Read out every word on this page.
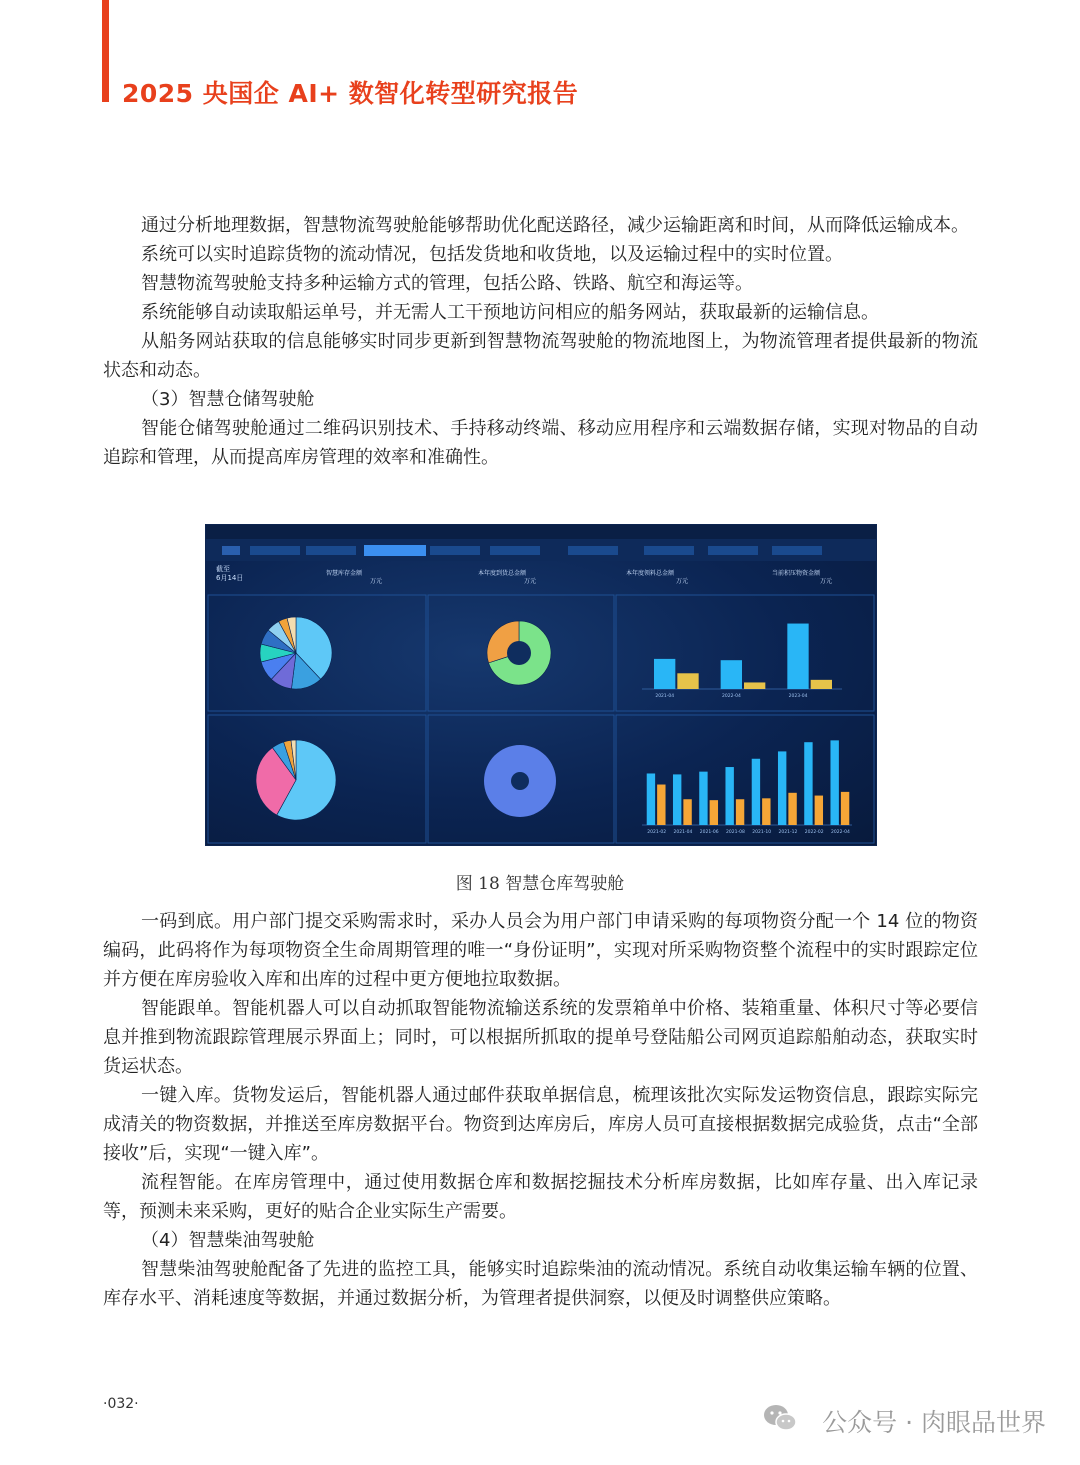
2025 央国企 AI+ 数智化转型研究报告

通过分析地理数据，智慧物流驾驶舱能够帮助优化配送路径，减少运输距离和时间，从而降低运输成本。

系统可以实时追踪货物的流动情况，包括发货地和收货地，以及运输过程中的实时位置。

智慧物流驾驶舱支持多种运输方式的管理，包括公路、铁路、航空和海运等。

系统能够自动读取船运单号，并无需人工干预地访问相应的船务网站，获取最新的运输信息。

从船务网站获取的信息能够实时同步更新到智慧物流驾驶舱的物流地图上，为物流管理者提供最新的物流状态和动态。

（3）智慧仓储驾驶舱

智能仓储驾驶舱通过二维码识别技术、手持移动终端、移动应用程序和云端数据存储，实现对物品的自动追踪和管理，从而提高库房管理的效率和准确性。

截至
6月14日
智慧库存金额
万元
本年度到货总金额
万元
本年度领料总金额
万元
当前积压物资金额
万元
2021-04	2022-04	2023-04
2021-02 2021-04 2021-06 2021-08 2021-10 2021-12 2022-02 2022-04
图 18 智慧仓库驾驶舱

一码到底。用户部门提交采购需求时，采办人员会为用户部门申请采购的每项物资分配一个 14 位的物资编码，此码将作为每项物资全生命周期管理的唯一“身份证明”，实现对所采购物资整个流程中的实时跟踪定位并方便在库房验收入库和出库的过程中更方便地拉取数据。

智能跟单。智能机器人可以自动抓取智能物流输送系统的发票箱单中价格、装箱重量、体积尺寸等必要信息并推到物流跟踪管理展示界面上；同时，可以根据所抓取的提单号登陆船公司网页追踪船舶动态，获取实时货运状态。

一键入库。货物发运后，智能机器人通过邮件获取单据信息，梳理该批次实际发运物资信息，跟踪实际完成清关的物资数据，并推送至库房数据平台。物资到达库房后，库房人员可直接根据数据完成验货，点击“全部接收”后，实现“一键入库”。

流程智能。在库房管理中，通过使用数据仓库和数据挖掘技术分析库房数据，比如库存量、出入库记录等，预测未来采购，更好的贴合企业实际生产需要。

（4）智慧柴油驾驶舱

智慧柴油驾驶舱配备了先进的监控工具，能够实时追踪柴油的流动情况。系统自动收集运输车辆的位置、库存水平、消耗速度等数据，并通过数据分析，为管理者提供洞察，以便及时调整供应策略。

·032·
公众号 · 肉眼品世界
